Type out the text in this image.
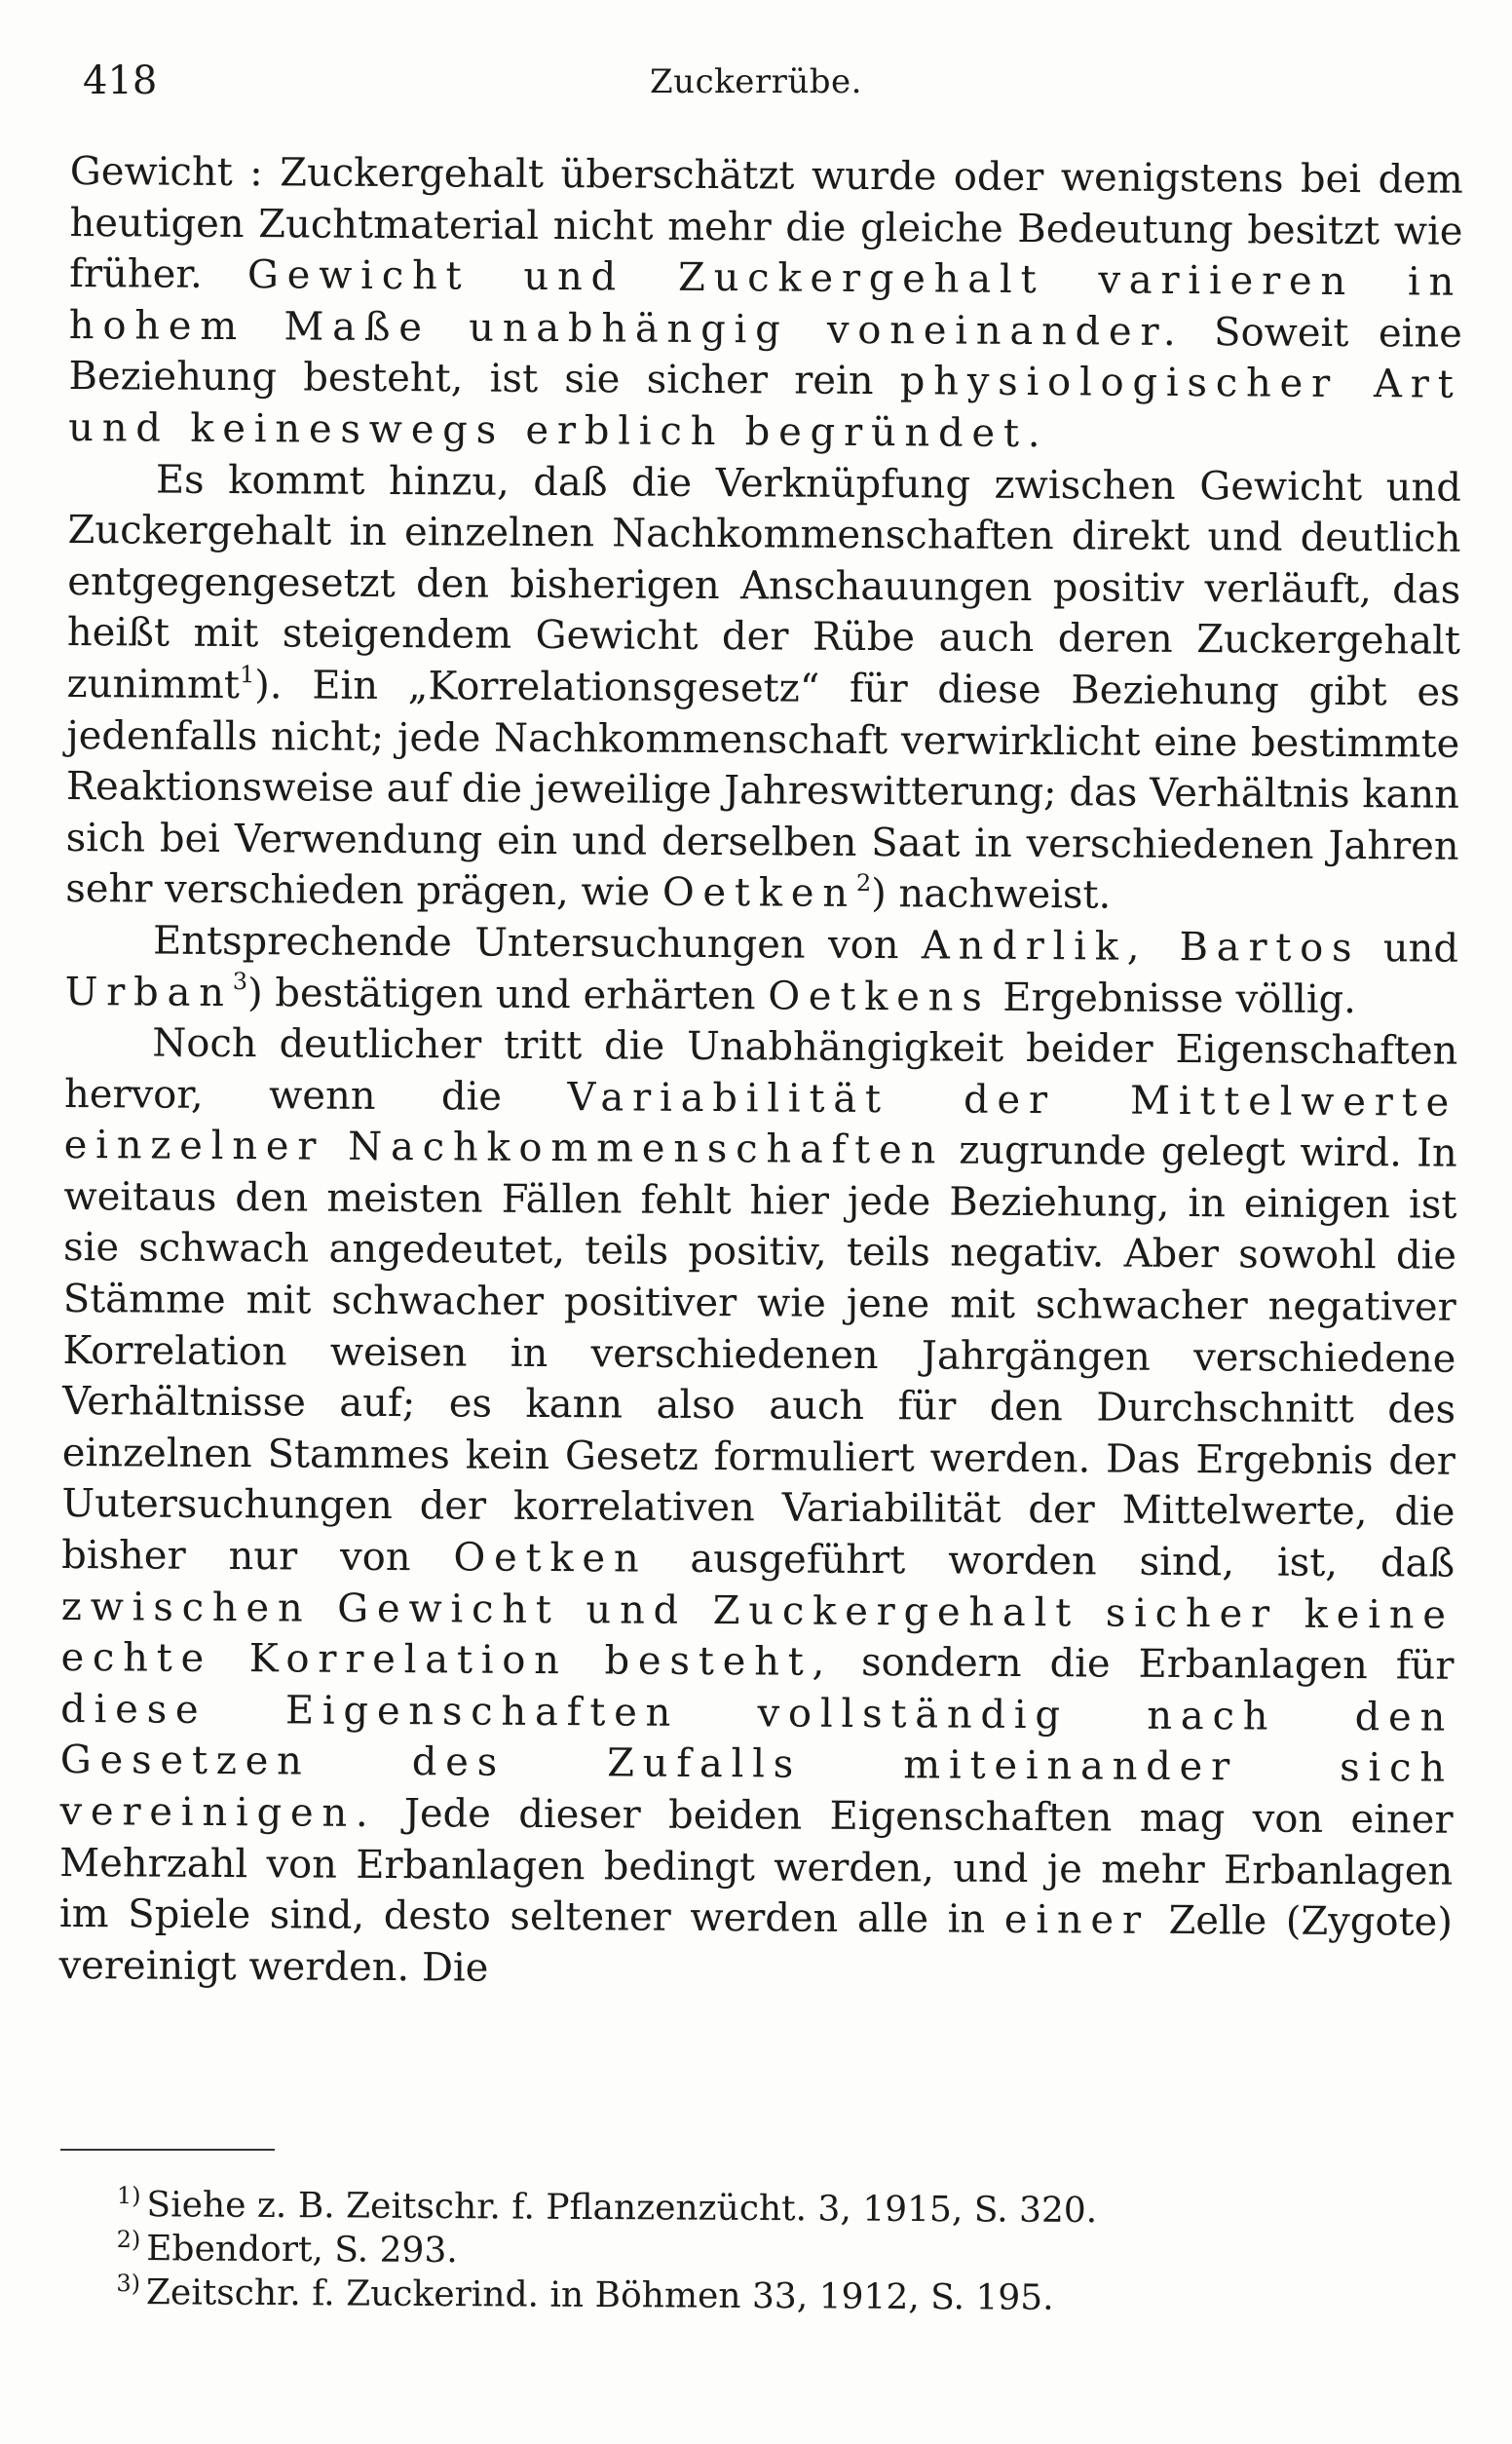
418	Zuckerrübe.

Gewicht : Zuckergehalt überschätzt wurde oder wenigstens bei dem heutigen Zuchtmaterial nicht mehr die gleiche Bedeutung besitzt wie früher. Gewicht und Zuckergehalt variieren in hohem Maße unabhängig voneinander. Soweit eine Beziehung besteht, ist sie sicher rein physiologischer Art und keineswegs erblich begründet.

Es kommt hinzu, daß die Verknüpfung zwischen Gewicht und Zuckergehalt in einzelnen Nachkommenschaften direkt und deutlich entgegengesetzt den bisherigen Anschauungen positiv verläuft, das heißt mit steigendem Gewicht der Rübe auch deren Zuckergehalt zunimmt$^1$). Ein „Korrelationsgesetz“ für diese Beziehung gibt es jedenfalls nicht; jede Nachkommenschaft verwirklicht eine bestimmte Reaktionsweise auf die jeweilige Jahreswitterung; das Verhältnis kann sich bei Verwendung ein und derselben Saat in verschiedenen Jahren sehr verschieden prägen, wie Oetken$^2$) nachweist.

Entsprechende Untersuchungen von Andrlik, Bartos und Urban$^3$) bestätigen und erhärten Oetkens Ergebnisse völlig.

Noch deutlicher tritt die Unabhängigkeit beider Eigenschaften hervor, wenn die Variabilität der Mittelwerte einzelner Nachkommenschaften zugrunde gelegt wird. In weitaus den meisten Fällen fehlt hier jede Beziehung, in einigen ist sie schwach angedeutet, teils positiv, teils negativ. Aber sowohl die Stämme mit schwacher positiver wie jene mit schwacher negativer Korrelation weisen in verschiedenen Jahrgängen verschiedene Verhältnisse auf; es kann also auch für den Durchschnitt des einzelnen Stammes kein Gesetz formuliert werden. Das Ergebnis der Uutersuchungen der korrelativen Variabilität der Mittelwerte, die bisher nur von Oetken ausgeführt worden sind, ist, daß zwischen Gewicht und Zuckergehalt sicher keine echte Korrelation besteht, sondern die Erbanlagen für diese Eigenschaften vollständig nach den Gesetzen des Zufalls miteinander sich vereinigen. Jede dieser beiden Eigenschaften mag von einer Mehrzahl von Erbanlagen bedingt werden, und je mehr Erbanlagen im Spiele sind, desto seltener werden alle in einer Zelle (Zygote) vereinigt werden. Die

$^{1)}$ Siehe z. B. Zeitschr. f. Pflanzenzücht. 3, 1915, S. 320.
$^{2)}$ Ebendort, S. 293.
$^{3)}$ Zeitschr. f. Zuckerind. in Böhmen 33, 1912, S. 195.
